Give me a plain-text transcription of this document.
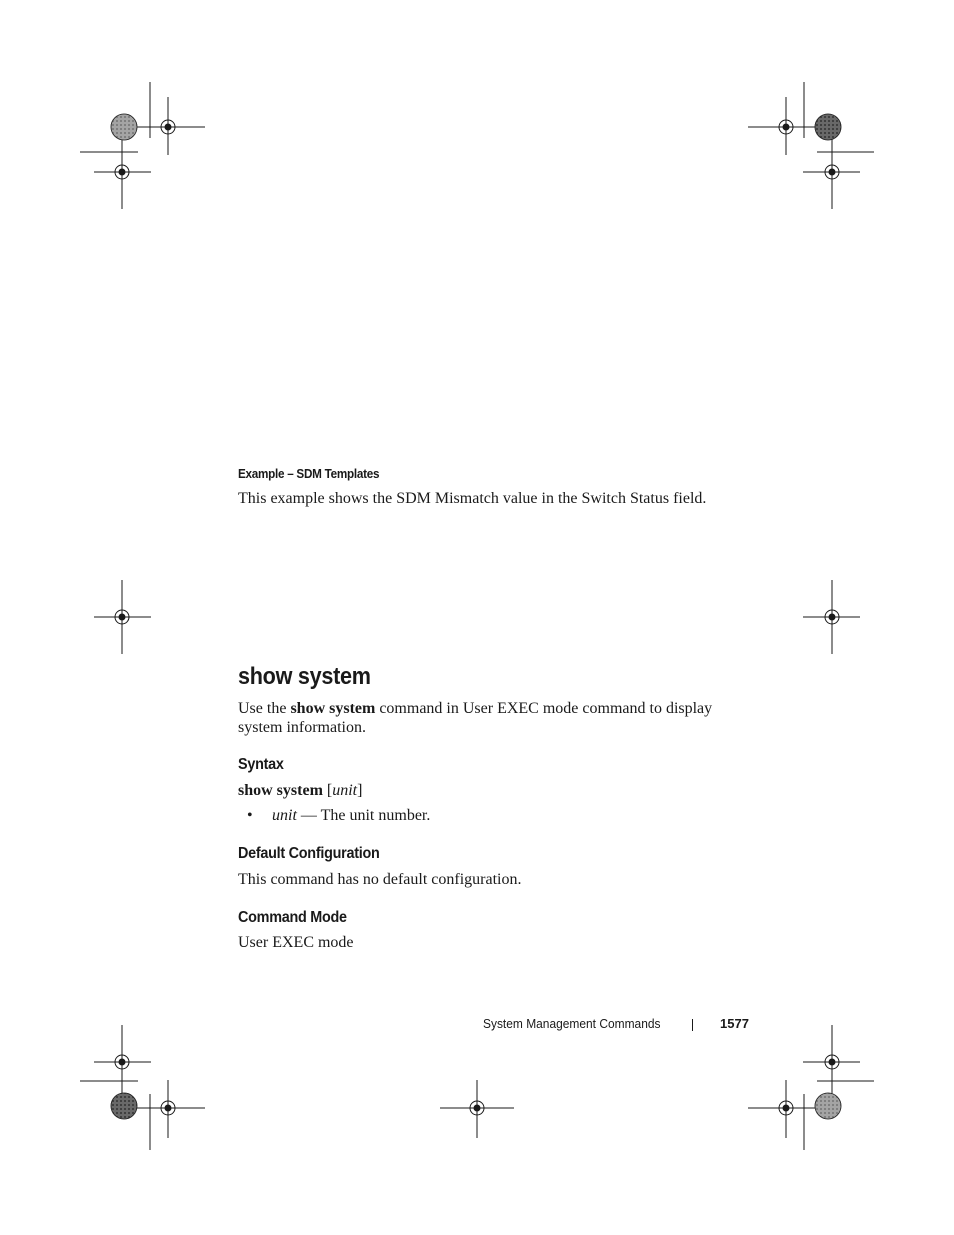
Example – SDM Templates

This example shows the SDM Mismatch value in the Switch Status field.

show system

Use the show system command in User EXEC mode command to display system information.

Syntax

show system [unit]

• unit — The unit number.

Default Configuration

This command has no default configuration.

Command Mode

User EXEC mode

System Management Commands	1577
